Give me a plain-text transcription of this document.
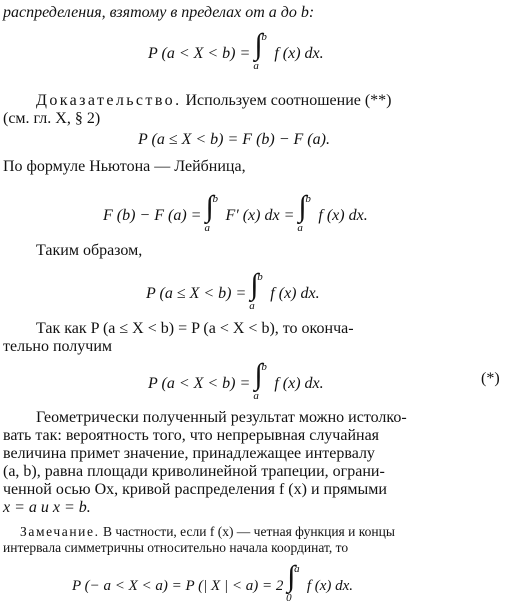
распределения, взятому в пределах от a до b:
P (a < X < b) = ∫
b
a
f (x) dx.
Доказательство. Используем соотношение (**)
(см. гл. X, § 2)
P (a ≤ X < b) = F (b) − F (a).
По формуле Ньютона — Лейбница,
F (b) − F (a) = ∫
b
a
F′ (x) dx = ∫
b
a
f (x) dx.
Таким образом,
P (a ≤ X < b) = ∫
b
a
f (x) dx.
Так как P (a ≤ X < b) = P (a < X < b), то оконча-
тельно получим
P (a < X < b) = ∫
b
a
f (x) dx.	(*)
Геометрически полученный результат можно истолко-
вать так: вероятность того, что непрерывная случайная
величина примет значение, принадлежащее интервалу
(a, b), равна площади криволинейной трапеции, ограни-
ченной осью Ox, кривой распределения f (x) и прямыми
x = a и x = b.
Замечание. В частности, если f (x) — четная функция и концы
интервала симметричны относительно начала координат, то
P (− a < X < a) = P (| X | < a) = 2 ∫
a
0
f (x) dx.
